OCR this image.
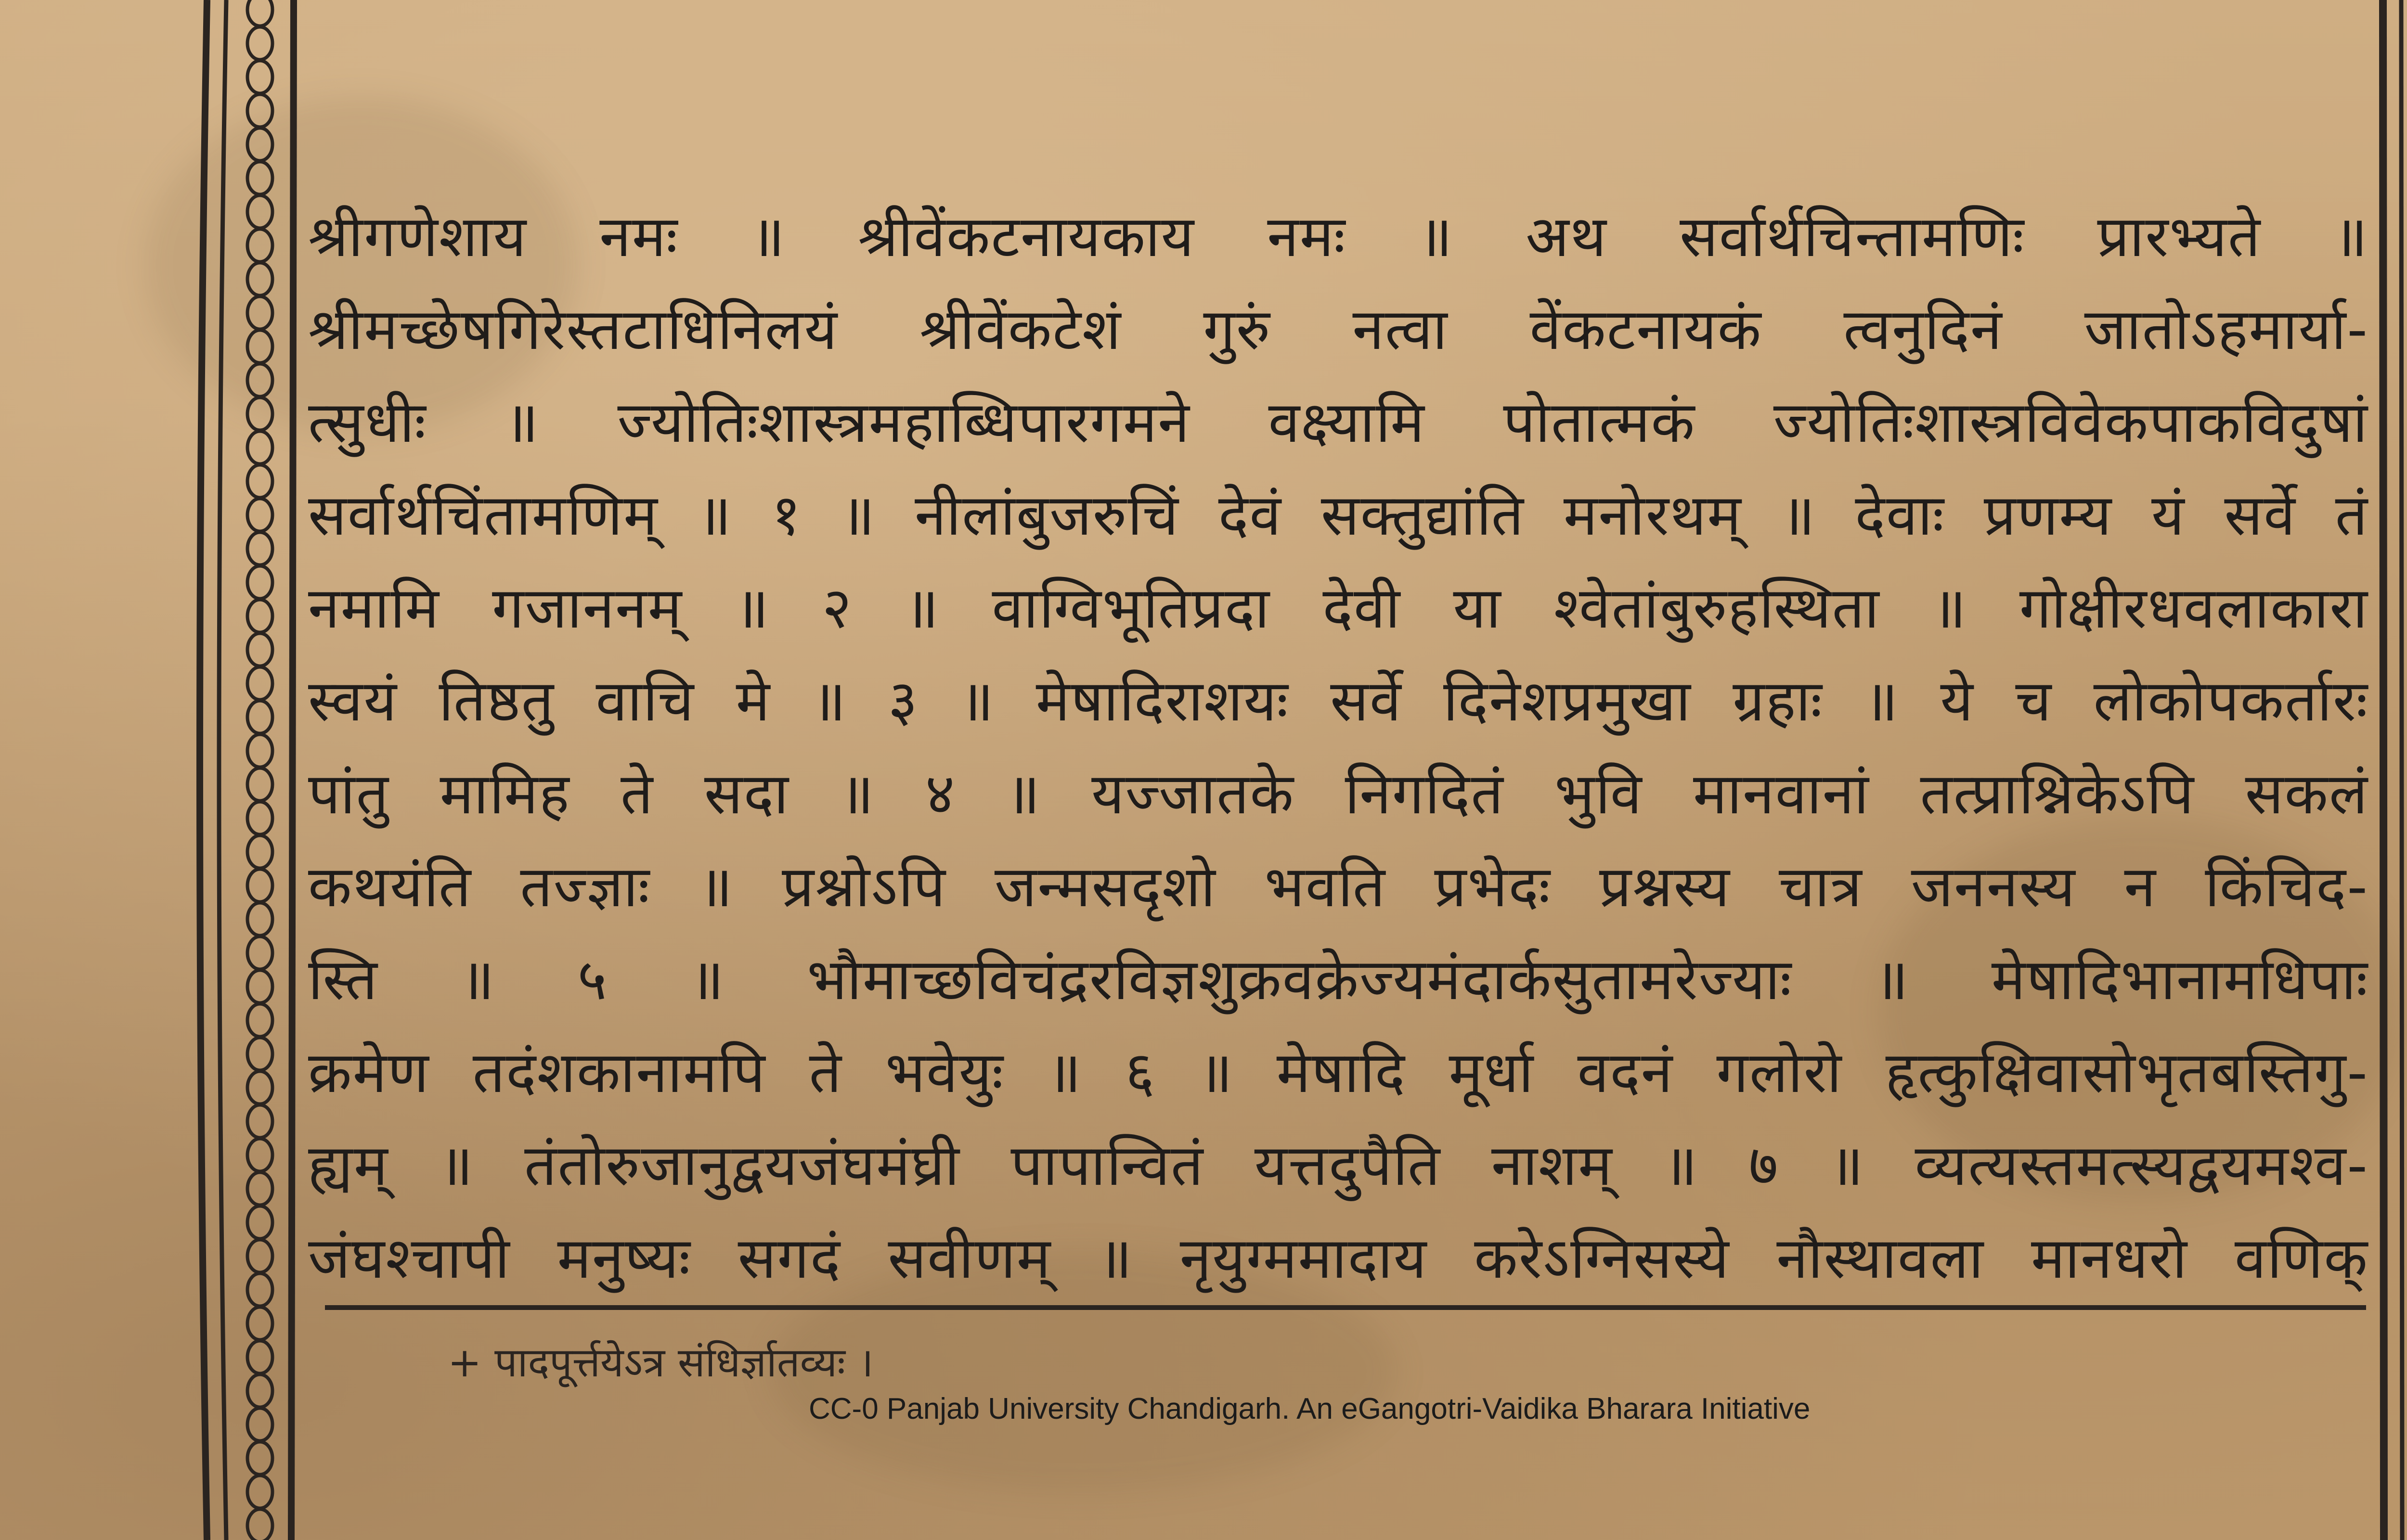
श्रीगणेशाय नमः ॥ श्रीवेंकटनायकाय नमः ॥ अथ सर्वार्थचिन्तामणिः प्रारभ्यते ॥
श्रीमच्छेषगिरेस्तटाधिनिलयं श्रीवेंकटेशं गुरुं नत्वा वेंकटनायकं त्वनुदिनं जातोऽहमार्या-
त्सुधीः ॥ ज्योतिःशास्त्रमहाब्धिपारगमने वक्ष्यामि पोतात्मकं ज्योतिःशास्त्रविवेकपाकविदुषां
सर्वार्थचिंतामणिम् ॥ १ ॥ नीलांबुजरुचिं देवं सक्तुद्यांति मनोरथम् ॥ देवाः प्रणम्य यं सर्वे तं
नमामि गजाननम् ॥ २ ॥ वाग्विभूतिप्रदा देवी या श्वेतांबुरुहस्थिता ॥ गोक्षीरधवलाकारा
स्वयं तिष्ठतु वाचि मे ॥ ३ ॥ मेषादिराशयः सर्वे दिनेशप्रमुखा ग्रहाः ॥ ये च लोकोपकर्तारः
पांतु मामिह ते सदा ॥ ४ ॥ यज्जातके निगदितं भुवि मानवानां तत्प्राश्निकेऽपि सकलं
कथयंति तज्ज्ञाः ॥ प्रश्नोऽपि जन्मसदृशो भवति प्रभेदः प्रश्नस्य चात्र जननस्य न किंचिद-
स्ति ॥ ५ ॥ भौमाच्छविचंद्ररविज्ञशुक्रवक्रेज्यमंदार्कसुतामरेज्याः ॥ मेषादिभानामधिपाः
क्रमेण तदंशकानामपि ते भवेयुः ॥ ६ ॥ मेषादि मूर्धा वदनं गलोरो हृत्कुक्षिवासोभृतबस्तिगु-
ह्यम् ॥ तंतोरुजानुद्वयजंघमंघ्री पापान्वितं यत्तदुपैति नाशम् ॥ ७ ॥ व्यत्यस्तमत्स्यद्वयमश्व-
जंघश्चापी मनुष्यः सगदं सवीणम् ॥ नृयुग्ममादाय करेऽग्निसस्ये नौस्थावला मानधरो वणिक्
+ पादपूर्त्तयेऽत्र संधिर्ज्ञातव्यः ।
CC-0 Panjab University Chandigarh. An eGangotri-Vaidika Bharara Initiative
